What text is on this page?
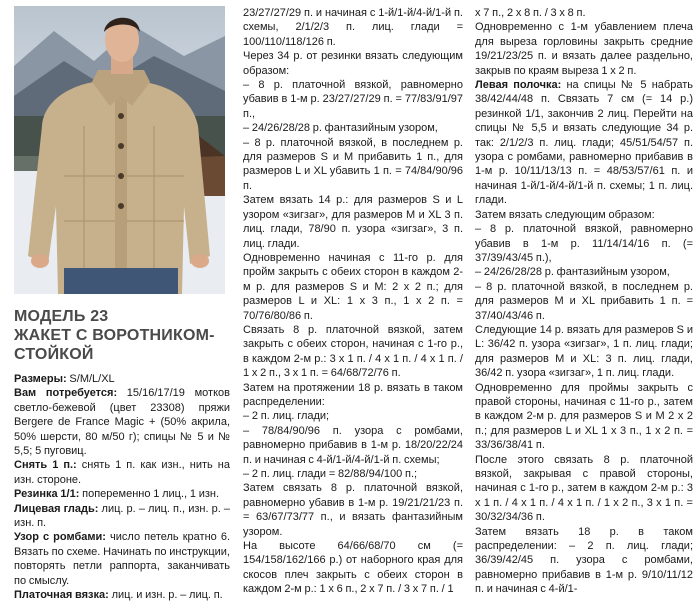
МОДЕЛЬ 23
ЖАКЕТ С ВОРОТНИКОМ-
СТОЙКОЙ

Размеры: S/M/L/XL

Вам потребуется: 15/16/17/19 мотков светло-бежевой (цвет 23308) пряжи Bergere de France Magic + (50% акрила, 50% шерсти, 80 м/50 г); спицы № 5 и № 5,5; 5 пуговиц.

Снять 1 п.: снять 1 п. как изн., нить на изн. стороне.

Резинка 1/1: попеременно 1 лиц., 1 изн.

Лицевая гладь: лиц. р. – лиц. п., изн. р. – изн. п.

Узор с ромбами: число петель кратно 6. Вязать по схеме. Начинать по инструкции, повторять петли раппорта, заканчивать по смыслу.

Платочная вязка: лиц. и изн. р. – лиц. п.

23/27/27/29 п. и начиная с 1-й/1-й/4-й/1-й п. схемы, 2/1/2/3 п. лиц. глади = 100/110/118/126 п.

Через 34 р. от резинки вязать следующим образом:

– 8 р. платочной вязкой, равномерно убавив в 1-м р. 23/27/27/29 п. = 77/83/91/97 п.,

– 24/26/28/28 р. фантазийным узором,

– 8 р. платочной вязкой, в последнем р. для размеров S и M прибавить 1 п., для размеров L и XL убавить 1 п. = 74/84/90/96 п.

Затем вязать 14 р.: для размеров S и L узором «зигзаг», для размеров M и XL 3 п. лиц. глади, 78/90 п. узора «зигзаг», 3 п. лиц. глади.

Одновременно начиная с 11-го р. для пройм закрыть с обеих сторон в каждом 2-м р. для размеров S и M: 2 х 2 п.; для размеров L и XL: 1 х 3 п., 1 х 2 п. = 70/76/80/86 п.

Связать 8 р. платочной вязкой, затем закрыть с обеих сторон, начиная с 1-го р., в каждом 2-м р.: 3 х 1 п. / 4 х 1 п. / 4 х 1 п. / 1 х 2 п., 3 х 1 п. = 64/68/72/76 п.

Затем на протяжении 18 р. вязать в таком распределении:

– 2 п. лиц. глади;

– 78/84/90/96 п. узора с ромбами, равномерно прибавив в 1-м р. 18/20/22/24 п. и начиная с 4-й/1-й/4-й/1-й п. схемы;

– 2 п. лиц. глади = 82/88/94/100 п.;

Затем связать 8 р. платочной вязкой, равномерно убавив в 1-м р. 19/21/21/23 п. = 63/67/73/77 п., и вязать фантазийным узором.

На высоте 64/66/68/70 см (= 154/158/162/166 р.) от наборного края для скосов плеч закрыть с обеих сторон в каждом 2-м р.: 1 х 6 п., 2 х 7 п. / 3 х 7 п. / 1

х 7 п., 2 х 8 п. / 3 х 8 п.

Одновременно с 1-м убавлением плеча для выреза горловины закрыть средние 19/21/23/25 п. и вязать далее раздельно, закрыв по краям выреза 1 х 2 п.

Левая полочка: на спицы № 5 набрать 38/42/44/48 п. Связать 7 см (= 14 р.) резинкой 1/1, закончив 2 лиц. Перейти на спицы № 5,5 и вязать следующие 34 р. так: 2/1/2/3 п. лиц. глади; 45/51/54/57 п. узора с ромбами, равномерно прибавив в 1-м р. 10/11/13/13 п. = 48/53/57/61 п. и начиная 1-й/1-й/4-й/1-й п. схемы; 1 п. лиц. глади.

Затем вязать следующим образом:

– 8 р. платочной вязкой, равномерно убавив в 1-м р. 11/14/14/16 п. (= 37/39/43/45 п.),

– 24/26/28/28 р. фантазийным узором,

– 8 р. платочной вязкой, в последнем р. для размеров M и XL прибавить 1 п. = 37/40/43/46 п.

Следующие 14 р. вязать для размеров S и L: 36/42 п. узора «зигзаг», 1 п. лиц. глади; для размеров M и XL: 3 п. лиц. глади, 36/42 п. узора «зигзаг», 1 п. лиц. глади.

Одновременно для проймы закрыть с правой стороны, начиная с 11-го р., затем в каждом 2-м р. для размеров S и M 2 х 2 п.; для размеров L и XL 1 х 3 п., 1 х 2 п. = 33/36/38/41 п.

После этого связать 8 р. платочной вязкой, закрывая с правой стороны, начиная с 1-го р., затем в каждом 2-м р.: 3 х 1 п. / 4 х 1 п. / 4 х 1 п. / 1 х 2 п., 3 х 1 п. = 30/32/34/36 п.

Затем вязать 18 р. в таком распределении: – 2 п. лиц. глади; 36/39/42/45 п. узора с ромбами, равномерно прибавив в 1-м р. 9/10/11/12 п. и начиная с 4-й/1-
